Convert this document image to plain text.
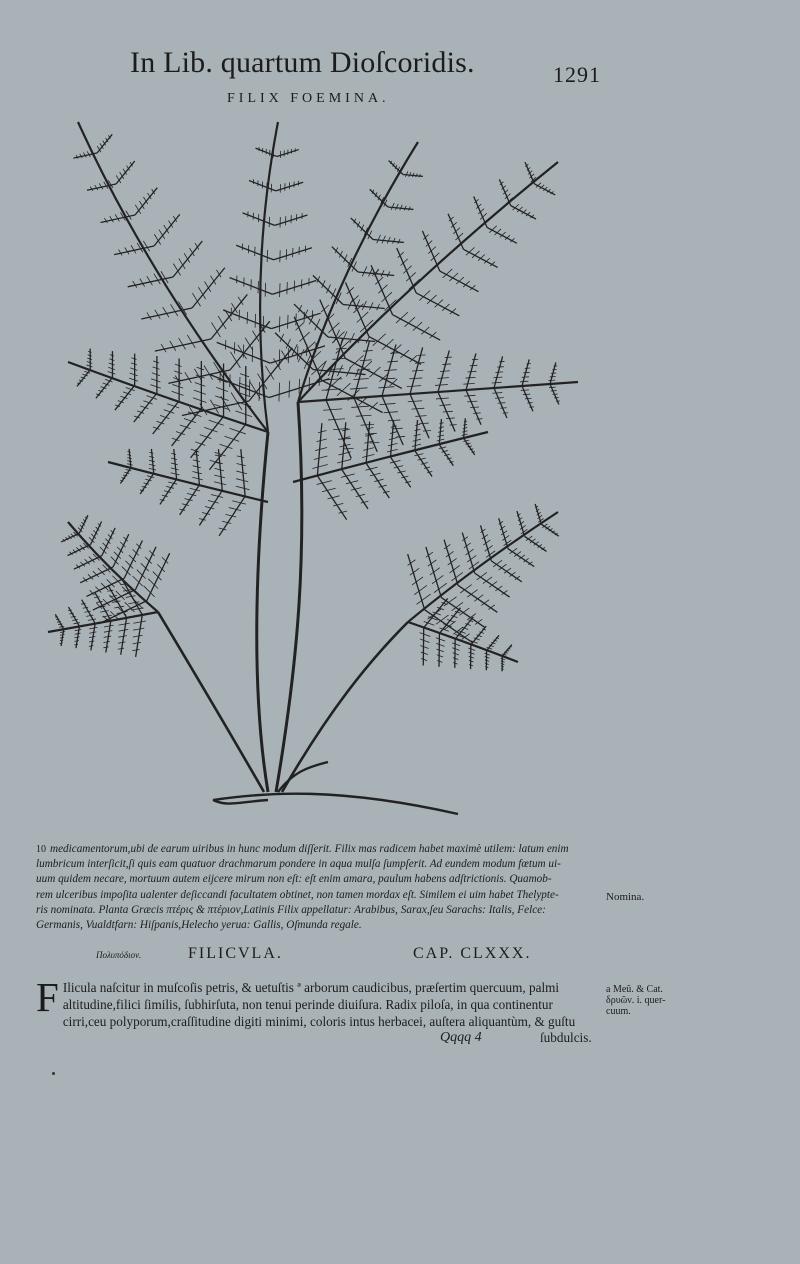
In Lib. quartum Dioſcoridis.	1291
FILIX FOEMINA.
10 medicamentorum,ubi de earum uiribus in hunc modum diſſerit. Filix mas radicem habet maximè utilem: latum enim
lumbricum interſicit,ſi quis eam quatuor drachmarum pondere in aqua mulſa ſumpſerit. Ad eundem modum fœtum ui-
uum quidem necare, mortuum autem eijcere mirum non eſt: eſt enim amara, paulum habens adſtrictionis. Quamob-
rem ulceribus impoſita ualenter deſiccandi facultatem obtinet, non tamen mordax eſt. Similem ei uim habet Thelypte-
ris nominata. Planta Græcis πτέρις & πτέριον,Latinis Filix appellatur: Arabibus, Sarax,ſeu Sarachs: Italis, Felce:
Germanis, Vualdtfarn: Hiſpanis,Helecho yerua: Gallis, Oſmunda regale.
Nomina.
Πολυπόδιον.	FILICVLA.	CAP. CLXXX.
F Ilicula naſcitur in muſcoſis petris, & uetuſtis ª arborum caudicibus, præſertim quercuum, palmi
altitudine,filici ſimilis, ſubhirſuta, non tenui perinde diuiſura. Radix piloſa, in qua continentur
cirri,ceu polyporum,craſſitudine digiti minimi, coloris intus herbacei, auſtera aliquantùm, & guſtu
a Meũ. & Cat.
δρυῶν. i. quer-
cuum.
Qqqq 4	ſubdulcis.
